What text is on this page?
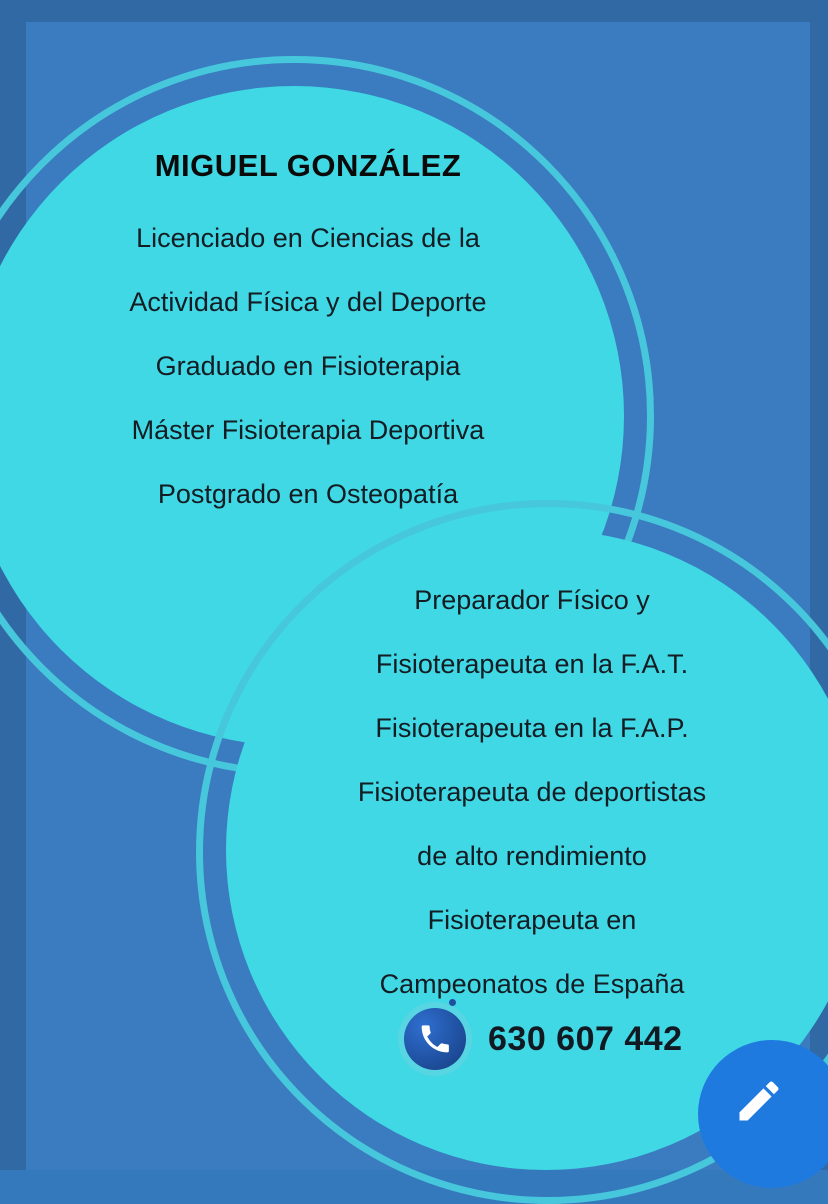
MIGUEL GONZÁLEZ
Licenciado en Ciencias de la
Actividad Física y del Deporte
Graduado en Fisioterapia
Máster Fisioterapia Deportiva
Postgrado en Osteopatía
Preparador Físico y
Fisioterapeuta en la F.A.T.
Fisioterapeuta en la F.A.P.
Fisioterapeuta de deportistas
de alto rendimiento
Fisioterapeuta en
Campeonatos de España
630 607 442
